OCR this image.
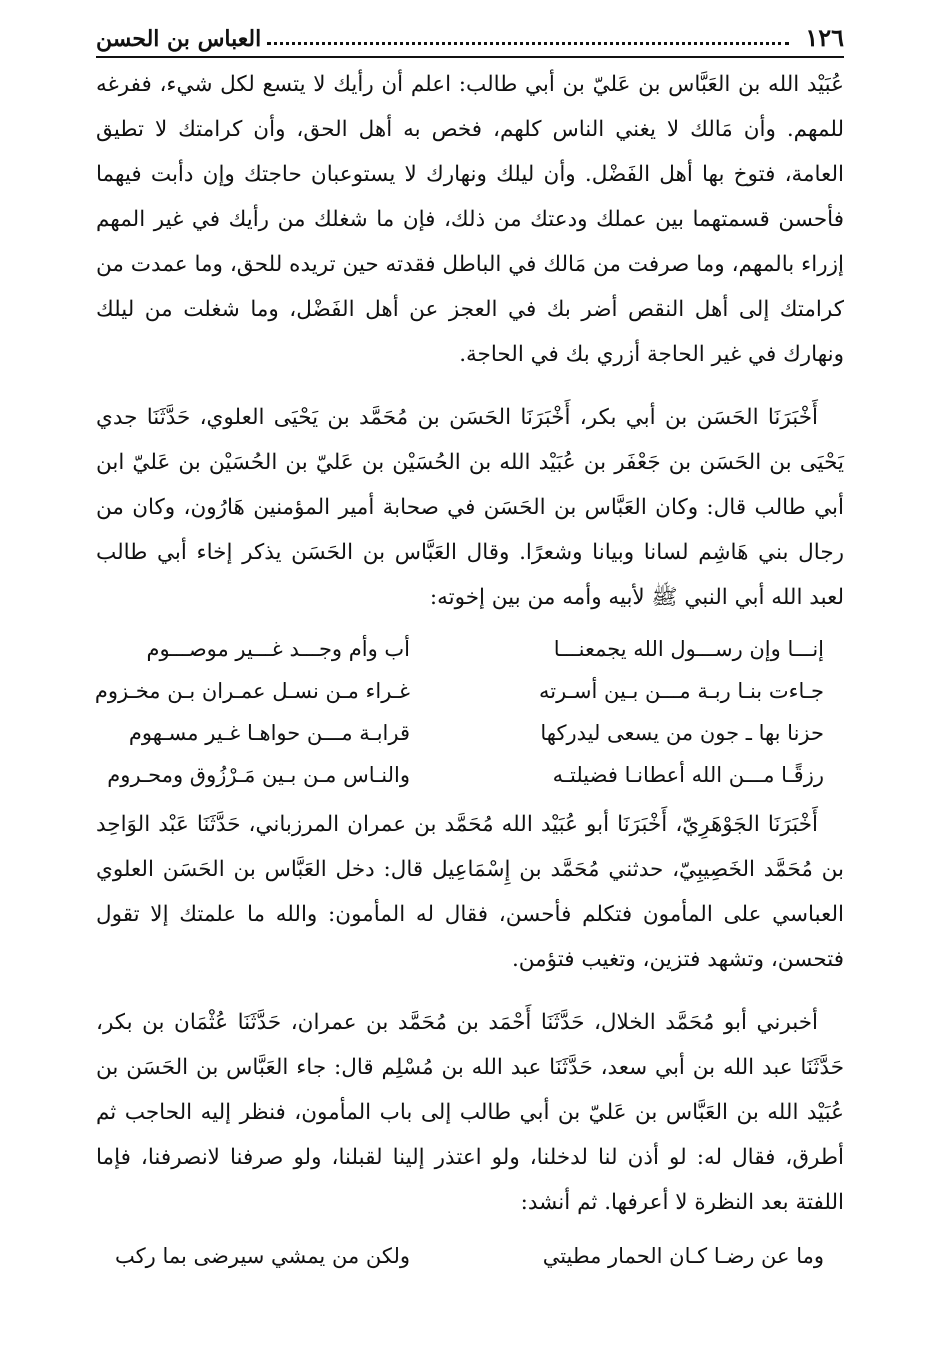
١٢٦
العباس بن الحسن

عُبَيْد الله بن العَبَّاس بن عَليّ بن أبي طالب: اعلم أن رأيك لا يتسع لكل شيء، ففرغه للمهم. وأن مَالك لا يغني الناس كلهم، فخص به أهل الحق، وأن كرامتك لا تطيق العامة، فتوخ بها أهل الفَضْل. وأن ليلك ونهارك لا يستوعبان حاجتك وإن دأبت فيهما فأحسن قسمتهما بين عملك ودعتك من ذلك، فإن ما شغلك من رأيك في غير المهم إزراء بالمهم، وما صرفت من مَالك في الباطل فقدته حين تريده للحق، وما عمدت من كرامتك إلى أهل النقص أضر بك في العجز عن أهل الفَضْل، وما شغلت من ليلك ونهارك في غير الحاجة أزري بك في الحاجة.

أَخْبَرَنَا الحَسَن بن أبي بكر، أَخْبَرَنَا الحَسَن بن مُحَمَّد بن يَحْيَى العلوي، حَدَّثَنَا جدي يَحْيَى بن الحَسَن بن جَعْفَر بن عُبَيْد الله بن الحُسَيْن بن عَليّ بن الحُسَيْن بن عَليّ ابن أبي طالب قال: وكان العَبَّاس بن الحَسَن في صحابة أمير المؤمنين هَارُون، وكان من رجال بني هَاشِم لسانا وبيانا وشعرًا. وقال العَبَّاس بن الحَسَن يذكر إخاء أبي طالب لعبد الله أبي النبي ﷺ لأبيه وأمه من بين إخوته:

إنـــا وإن رســـول الله يجمعنـــا
أب وأم وجـــد غـــير موصـــوم
جـاءت بنـا ربـة مـــن بـين أسـرته
غـراء مـن نسـل عمـران بـن مخـزوم
حزنا بها ـ جون من يسعى ليدركها
قرابـة مـــن حواهـا غـير مسـهوم
رزقًـا مـــن الله أعطانـا فضيلتـه
والنـاس مـن بـين مَـرْزُوق ومحـروم

أَخْبَرَنَا الجَوْهَرِيّ، أَخْبَرَنَا أبو عُبَيْد الله مُحَمَّد بن عمران المرزباني، حَدَّثَنَا عَبْد الوَاحِد بن مُحَمَّد الخَصِيبِيّ، حدثني مُحَمَّد بن إِسْمَاعِيل قال: دخل العَبَّاس بن الحَسَن العلوي العباسي على المأمون فتكلم فأحسن، فقال له المأمون: والله ما علمتك إلا تقول فتحسن، وتشهد فتزين، وتغيب فتؤمن.

أخبرني أبو مُحَمَّد الخلال، حَدَّثَنَا أَحْمَد بن مُحَمَّد بن عمران، حَدَّثَنَا عُثْمَان بن بكر، حَدَّثَنَا عبد الله بن أبي سعد، حَدَّثَنَا عبد الله بن مُسْلِم قال: جاء العَبَّاس بن الحَسَن بن عُبَيْد الله بن العَبَّاس بن عَليّ بن أبي طالب إلى باب المأمون، فنظر إليه الحاجب ثم أطرق، فقال له: لو أذن لنا لدخلنا، ولو اعتذر إلينا لقبلنا، ولو صرفنا لانصرفنا، فإما اللفتة بعد النظرة لا أعرفها. ثم أنشد:

وما عن رضـا كـان الحمار مطيتي
ولكن من يمشي سيرضى بما ركب
